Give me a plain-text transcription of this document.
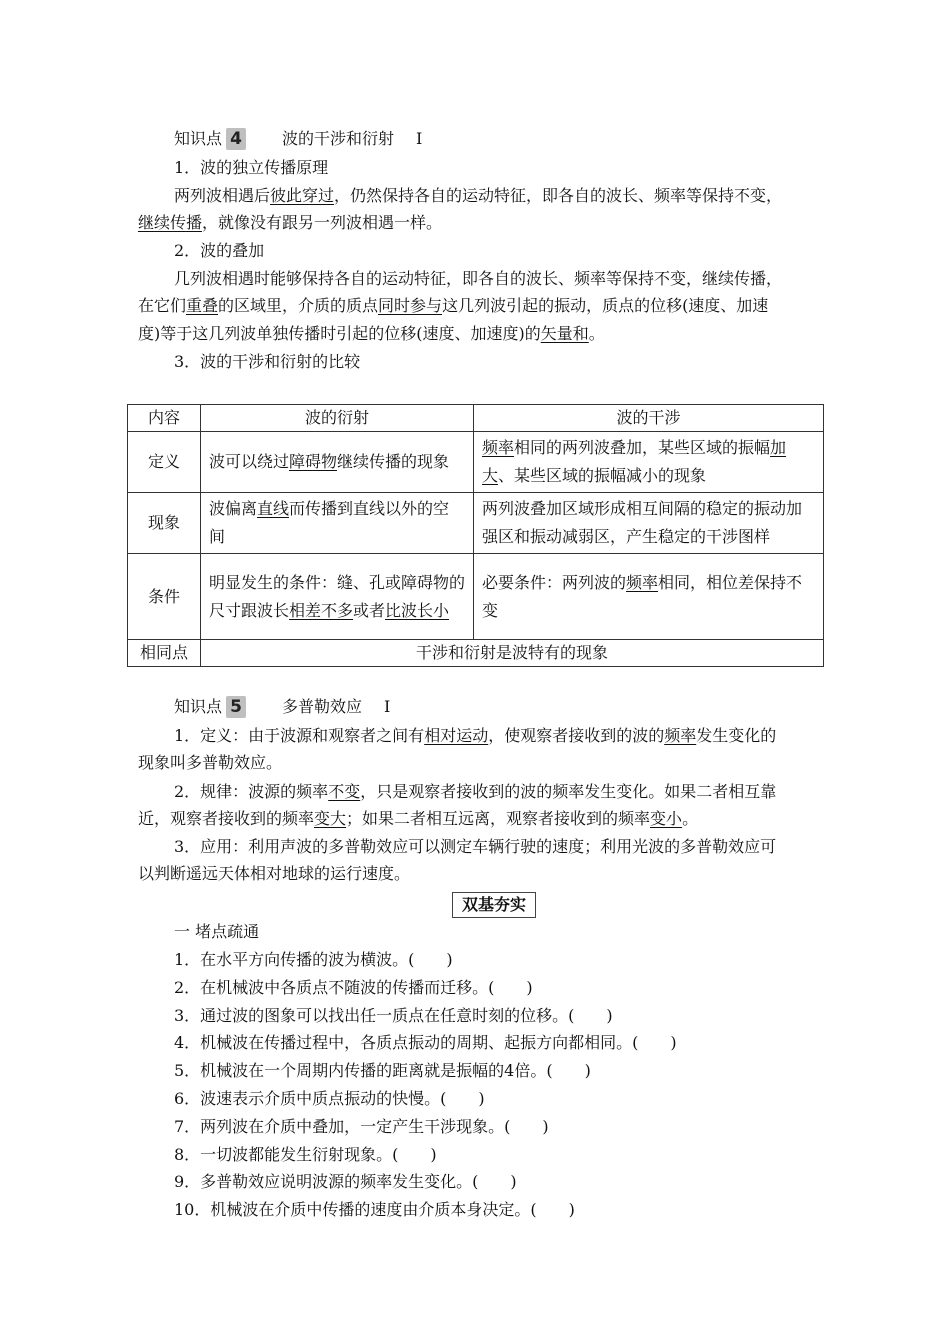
知识点 4	波的干涉和衍射 Ⅰ
1．波的独立传播原理
两列波相遇后彼此穿过，仍然保持各自的运动特征，即各自的波长、频率等保持不变，
继续传播，就像没有跟另一列波相遇一样。
2．波的叠加
几列波相遇时能够保持各自的运动特征，即各自的波长、频率等保持不变，继续传播，
在它们重叠的区域里，介质的质点同时参与这几列波引起的振动，质点的位移(速度、加速
度)等于这几列波单独传播时引起的位移(速度、加速度)的矢量和。
3．波的干涉和衍射的比较
内容	波的衍射	波的干涉
定义	波可以绕过障碍物继续传播的现象	频率相同的两列波叠加，某些区域的振幅加大、某些区域的振幅减小的现象
现象	波偏离直线而传播到直线以外的空间	两列波叠加区域形成相互间隔的稳定的振动加强区和振动减弱区，产生稳定的干涉图样
条件	明显发生的条件：缝、孔或障碍物的尺寸跟波长相差不多或者比波长小	必要条件：两列波的频率相同，相位差保持不变
相同点	干涉和衍射是波特有的现象	
知识点 5	多普勒效应 Ⅰ
1．定义：由于波源和观察者之间有相对运动，使观察者接收到的波的频率发生变化的
现象叫多普勒效应。
2．规律：波源的频率不变，只是观察者接收到的波的频率发生变化。如果二者相互靠
近，观察者接收到的频率变大；如果二者相互远离，观察者接收到的频率变小。
3．应用：利用声波的多普勒效应可以测定车辆行驶的速度；利用光波的多普勒效应可
以判断遥远天体相对地球的运行速度。
双基夯实
一 堵点疏通
1．在水平方向传播的波为横波。(　　)
2．在机械波中各质点不随波的传播而迁移。(　　)
3．通过波的图象可以找出任一质点在任意时刻的位移。(　　)
4．机械波在传播过程中，各质点振动的周期、起振方向都相同。(　　)
5．机械波在一个周期内传播的距离就是振幅的4倍。(　　)
6．波速表示介质中质点振动的快慢。(　　)
7．两列波在介质中叠加，一定产生干涉现象。(　　)
8．一切波都能发生衍射现象。(　　)
9．多普勒效应说明波源的频率发生变化。(　　)
10．机械波在介质中传播的速度由介质本身决定。(　　)
